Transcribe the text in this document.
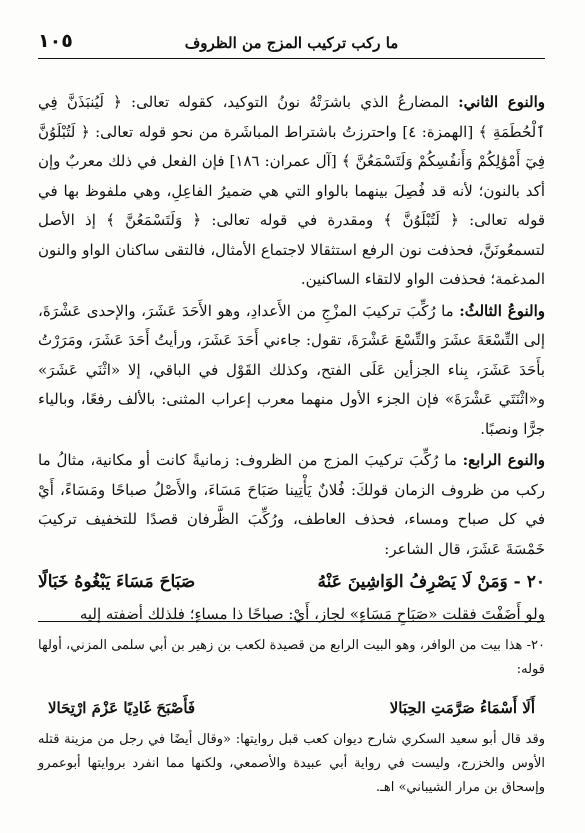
١٠٥	ما ركب تركيب المزج من الظروف

والنوع الثاني: المضارعُ الذي باشرَتْهُ نونُ التوكيد، كقوله تعالى: ﴿ لَيُنبَذَنَّ فِي ٱلْحُطَمَةِ ﴾ [الهمزة: ٤] واحترزتُ باشتراط المباشَرة من نحو قوله تعالى: ﴿ لَتُبْلَوُنَّ فِيٓ أَمْوَٰلِكُمْ وَأَنفُسِكُمْ وَلَتَسْمَعُنَّ ﴾ [آل عمران: ١٨٦] فإن الفعل في ذلك معربٌ وإن أكد بالنون؛ لأنه قد فُصِلَ بينهما بالواو التي هي ضميرُ الفاعِلِ، وهي ملفوظ بها في قوله تعالى: ﴿ لَتُبْلَوُنَّ ﴾ ومقدرة في قوله تعالى: ﴿ وَلَتَسْمَعُنَّ ﴾ إذ الأصل لتسمعُونَنَّ، فحذفت نون الرفع استثقالا لاجتماع الأمثال، فالتقى ساكنان الواو والنون المدغمة؛ فحذفت الواو لالتقاء الساكنين.

والنوعُ الثالثُ: ما رُكِّبَ تركيبَ المزْجِ من الأَعدادِ، وهو الأَحَدَ عَشَرَ، والإحدى عَشْرَةَ، إلى التِّسْعَةَ عشَرَ والتِّسْعَ عَشْرَةَ، تقول: جاءني أَحَدَ عَشَرَ، ورأيتُ أَحَدَ عَشَرَ، ومَرَرْتُ بأَحَدَ عَشَرَ، بِناء الجزأين عَلَى الفتح، وكذلك القَوْل في الباقي، إلا «اثْنَي عَشَرَ» و«اثْنَتَي عَشْرَةَ» فإن الجزء الأول منهما معرب إعراب المثنى: بالألف رفعًا، وبالياء جرًّا ونصبًا.

والنوع الرابع: ما رُكِّبَ تركيبَ المزج من الظروف: زمانيةً كانت أو مكانية، مثالُ ما ركب من ظروف الزمان قولكَ: فُلانٌ يَأْتِينا صَبَاحَ مَسَاءَ، والأَصْلُ صباحًا ومَسَاءً، أَيْ في كل صباح ومساء، فحذف العاطف، ورُكِّبَ الظَّرفان قصدًا للتخفيف تركيبَ خَمْسَةَ عَشَرَ، قال الشاعر:

٢٠- وَمَنْ لَا يَصْرِفُ الوَاشِينَ عَنْهُ
صَبَاحَ مَسَاءَ يَبْغُوهُ خَبَالًا

ولو أَضَفْتَ فقلت «صَبَاحِ مَسَاءٍ» لجاز، أَيْ: صباحًا ذا مساءٍ؛ فلذلك أضفته إليه

٢٠- هذا بيت من الوافر، وهو البيت الرابع من قصيدة لكعب بن زهير بن أبي سلمى المزني، أولها قوله:

أَلَا أَسْمَاءُ صَرَّمَتِ الحِبَالا
فَأَصْبَحَ غَادِيًا عَزْمَ ارْتِحَالا

وقد قال أبو سعيد السكري شارح ديوان كعب قبل روايتها: «وقال أيضًا في رجل من مزينة قتله الأوس والخزرج، وليست في رواية أبي عبيدة والأصمعي، ولكنها مما انفرد بروايتها أبوعمرو وإسحاق بن مرار الشيباني» اهـ.
